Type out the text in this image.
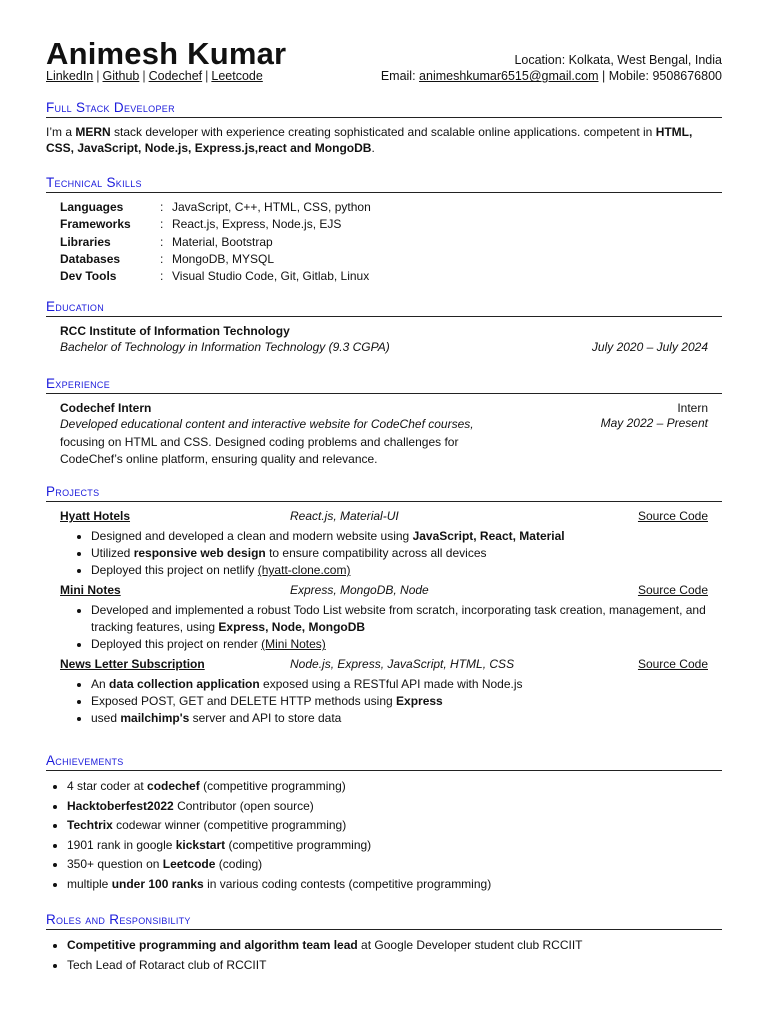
Animesh Kumar
LinkedIn | Github | Codechef | Leetcode
Location: Kolkata, West Bengal, India
Email: animeshkumar6515@gmail.com | Mobile: 9508676800
Full Stack Developer
I’m a MERN stack developer with experience creating sophisticated and scalable online applications. competent in HTML, CSS, JavaScript, Node.js, Express.js,react and MongoDB.
Technical Skills
Languages	: JavaScript, C++, HTML, CSS, python
Frameworks	: React.js, Express, Node.js, EJS
Libraries	: Material, Bootstrap
Databases	: MongoDB, MYSQL
Dev Tools	: Visual Studio Code, Git, Gitlab, Linux
Education
RCC Institute of Information Technology
Bachelor of Technology in Information Technology (9.3 CGPA)	July 2020 – July 2024
Experience
Codechef Intern	Intern
Developed educational content and interactive website for CodeChef courses, focusing on HTML and CSS. Designed coding problems and challenges for CodeChef’s online platform, ensuring quality and relevance.
May 2022 – Present
Projects
Hyatt Hotels	React.js, Material-UI	Source Code
• Designed and developed a clean and modern website using JavaScript, React, Material
• Utilized responsive web design to ensure compatibility across all devices
• Deployed this project on netlify (hyatt-clone.com)
Mini Notes	Express, MongoDB, Node	Source Code
• Developed and implemented a robust Todo List website from scratch, incorporating task creation, management, and tracking features, using Express, Node, MongoDB
• Deployed this project on render (Mini Notes)
News Letter Subscription	Node.js, Express, JavaScript, HTML, CSS	Source Code
• An data collection application exposed using a RESTful API made with Node.js
• Exposed POST, GET and DELETE HTTP methods using Express
• used mailchimp's server and API to store data
Achievements
• 4 star coder at codechef (competitive programming)
• Hacktoberfest2022 Contributor (open source)
• Techtrix codewar winner (competitive programming)
• 1901 rank in google kickstart (competitive programming)
• 350+ question on Leetcode (coding)
• multiple under 100 ranks in various coding contests (competitive programming)
Roles and Responsibility
• Competitive programming and algorithm team lead at Google Developer student club RCCIIT
• Tech Lead of Rotaract club of RCCIIT
